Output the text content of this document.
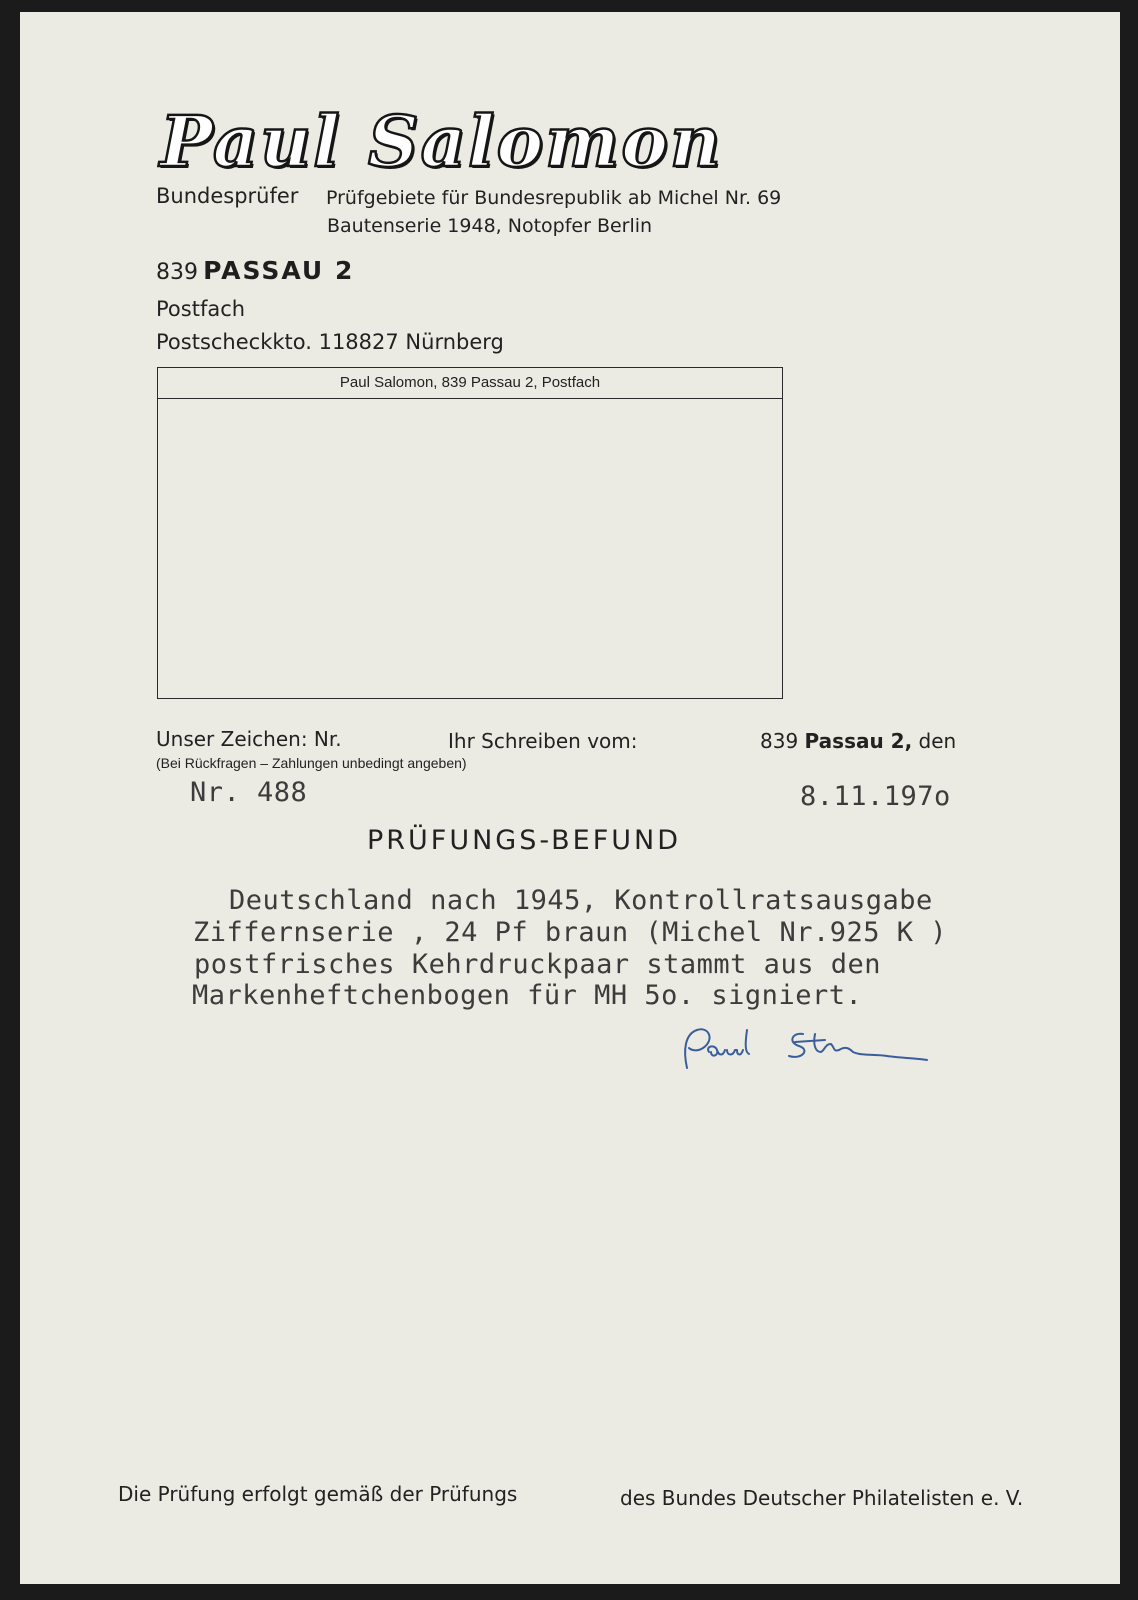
Paul Salomon
Bundesprüfer Prüfgebiete für Bundesrepublik ab Michel Nr. 69
Bautenserie 1948, Notopfer Berlin
839 PASSAU 2
Postfach
Postscheckkto. 118827 Nürnberg
Paul Salomon, 839 Passau 2, Postfach
Unser Zeichen: Nr.	Ihr Schreiben vom:	839 Passau 2, den
(Bei Rückfragen – Zahlungen unbedingt angeben)
Nr. 488	8.11.197o
PRÜFUNGS-BEFUND
Deutschland nach 1945, Kontrollratsausgabe
Ziffernserie , 24 Pf braun (Michel Nr.925 K )
postfrisches Kehrdruckpaar stammt aus den
Markenheftchenbogen für MH 5o. signiert.
Die Prüfung erfolgt gemäß der Prüfungs	des Bundes Deutscher Philatelisten e. V.
